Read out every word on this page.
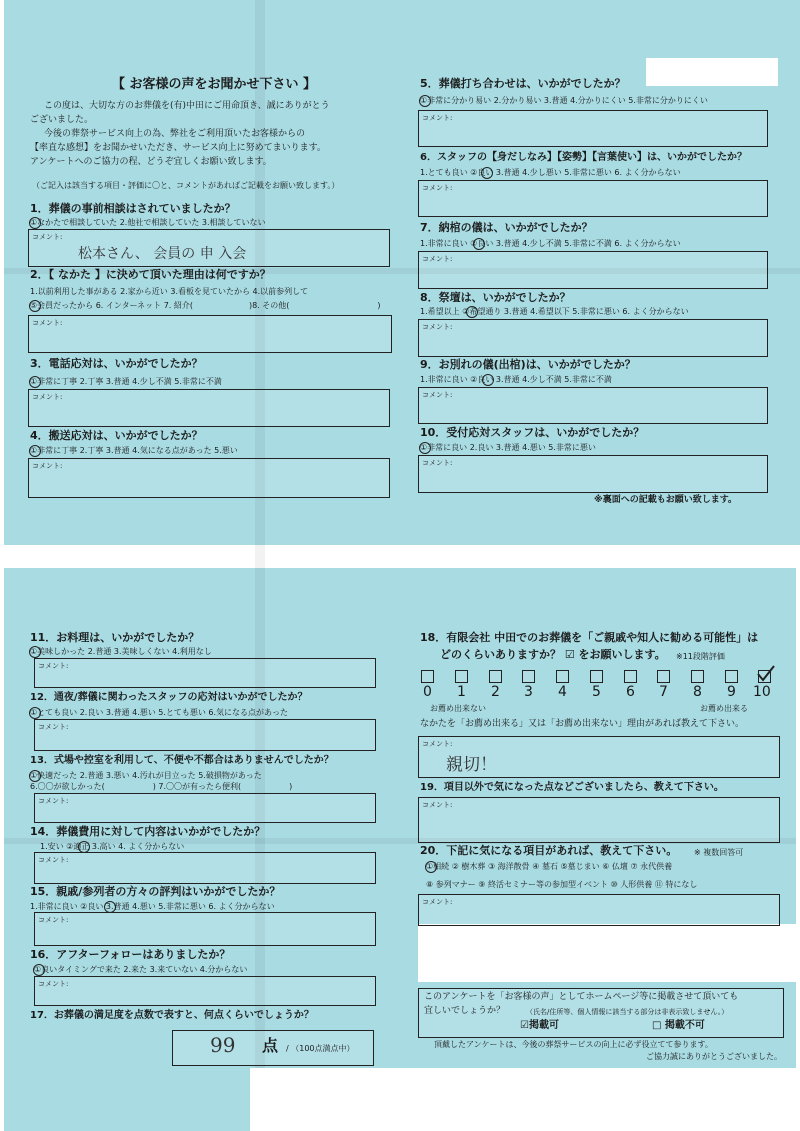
【 お客様の声をお聞かせ下さい 】
この度は、大切な方のお葬儀を(有)中田にご用命頂き、誠にありがとう
ございました。
今後の葬祭サービス向上の為、弊社をご利用頂いたお客様からの
【率直な感想】をお聞かせいただき、サービス向上に努めてまいります。
アンケートへのご協力の程、どうぞ宜しくお願い致します。
（ご記入は該当する項目・評価に〇と、コメントがあればご記載をお願い致します。）
1．葬儀の事前相談はされていましたか？
①なかたで相談していた 2.他社で相談していた 3.相談していない
コメント:
松本さん、 会員の 申 入会
2．【 なかた 】に決めて頂いた理由は何ですか？
1.以前利用した事がある 2.家から近い 3.看板を見ていたから 4.以前参列して
⑤会員だったから 6. インターネット 7. 紹介(　　　　　　　)8. その他(　　　　　　　　　　　)
コメント:
3．電話応対は、いかがでしたか？
①非常に丁寧 2.丁寧 3.普通 4.少し不満 5.非常に不満
コメント:
4．搬送応対は、いかがでしたか？
①非常に丁寧 2.丁寧 3.普通 4.気になる点があった 5.悪い
コメント:
5．葬儀打ち合わせは、いかがでしたか？
①非常に分かり易い 2.分かり易い 3.普通 4.分かりにくい 5.非常に分かりにくい
コメント:
6．スタッフの【身だしなみ】【姿勢】【言葉使い】は、いかがでしたか？
1.とても良い ②良い 3.普通 4.少し悪い 5.非常に悪い 6. よく分からない
コメント:
7．納棺の儀は、いかがでしたか？
1.非常に良い ②良い 3.普通 4.少し不満 5.非常に不満 6. よく分からない
コメント:
8．祭壇は、いかがでしたか？
1.希望以上 ②希望通り 3.普通 4.希望以下 5.非常に悪い 6. よく分からない
コメント:
9．お別れの儀(出棺)は、いかがでしたか？
1.非常に良い ②良い 3.普通 4.少し不満 5.非常に不満
コメント:
10．受付応対スタッフは、いかがでしたか？
①非常に良い 2.良い 3.普通 4.悪い 5.非常に悪い
コメント:
※裏面への記載もお願い致します。
11．お料理は、いかがでしたか？
①美味しかった 2.普通 3.美味しくない 4.利用なし
コメント:
12．通夜/葬儀に関わったスタッフの応対はいかがでしたか？
①とても良い 2.良い 3.普通 4.悪い 5.とても悪い 6.気になる点があった
コメント:
13．式場や控室を利用して、不便や不都合はありませんでしたか？
①快適だった 2.普通 3.悪い 4.汚れが目立った 5.破損物があった
6.〇〇が欲しかった(　　　　　　) 7.〇〇が有ったら便利(　　　　　　)
コメント:
14．葬儀費用に対して内容はいかがでしたか？
1.安い ②適正 3.高い 4. よく分からない
コメント:
15．親戚/参列者の方々の評判はいかがでしたか？
1.非常に良い ②良い 3.普通 4.悪い 5.非常に悪い 6. よく分からない
コメント:
16．アフターフォローはありましたか？
①良いタイミングで来た 2.来た 3.来ていない 4.分からない
コメント:
17．お葬儀の満足度を点数で表すと、何点くらいでしょうか？
99 点 / （100点満点中）
18．有限会社 中田でのお葬儀を「ご親戚や知人に勧める可能性」は
どのくらいありますか？ ☑ をお願いします。 ※11段階評価
0 1 2 3 4 5 6 7 8 9 10
お薦め出来ない	お薦め出来る
なかたを「お薦め出来る」又は「お薦め出来ない」理由があれば教えて下さい。
コメント:
親切！
19．項目以外で気になった点などございましたら、教えて下さい。
コメント:
20．下記に気になる項目があれば、教えて下さい。 ※ 複数回答可
①相続 ② 樹木葬 ③ 海洋散骨 ④ 墓石 ⑤墓じまい ⑥ 仏壇 ⑦ 永代供養
⑧ 参列マナー ⑨ 終活セミナー等の参加型イベント ⑩ 人形供養 ⑪ 特になし
コメント:
このアンケートを「お客様の声」としてホームページ等に掲載させて頂いても
宜しいでしょうか？	（氏名/住所等、個人情報に該当する部分は非表示致しません。）
☑掲載可	□ 掲載不可
頂戴したアンケートは、今後の葬祭サービスの向上に必ず役立てて参ります。
ご協力誠にありがとうございました。
